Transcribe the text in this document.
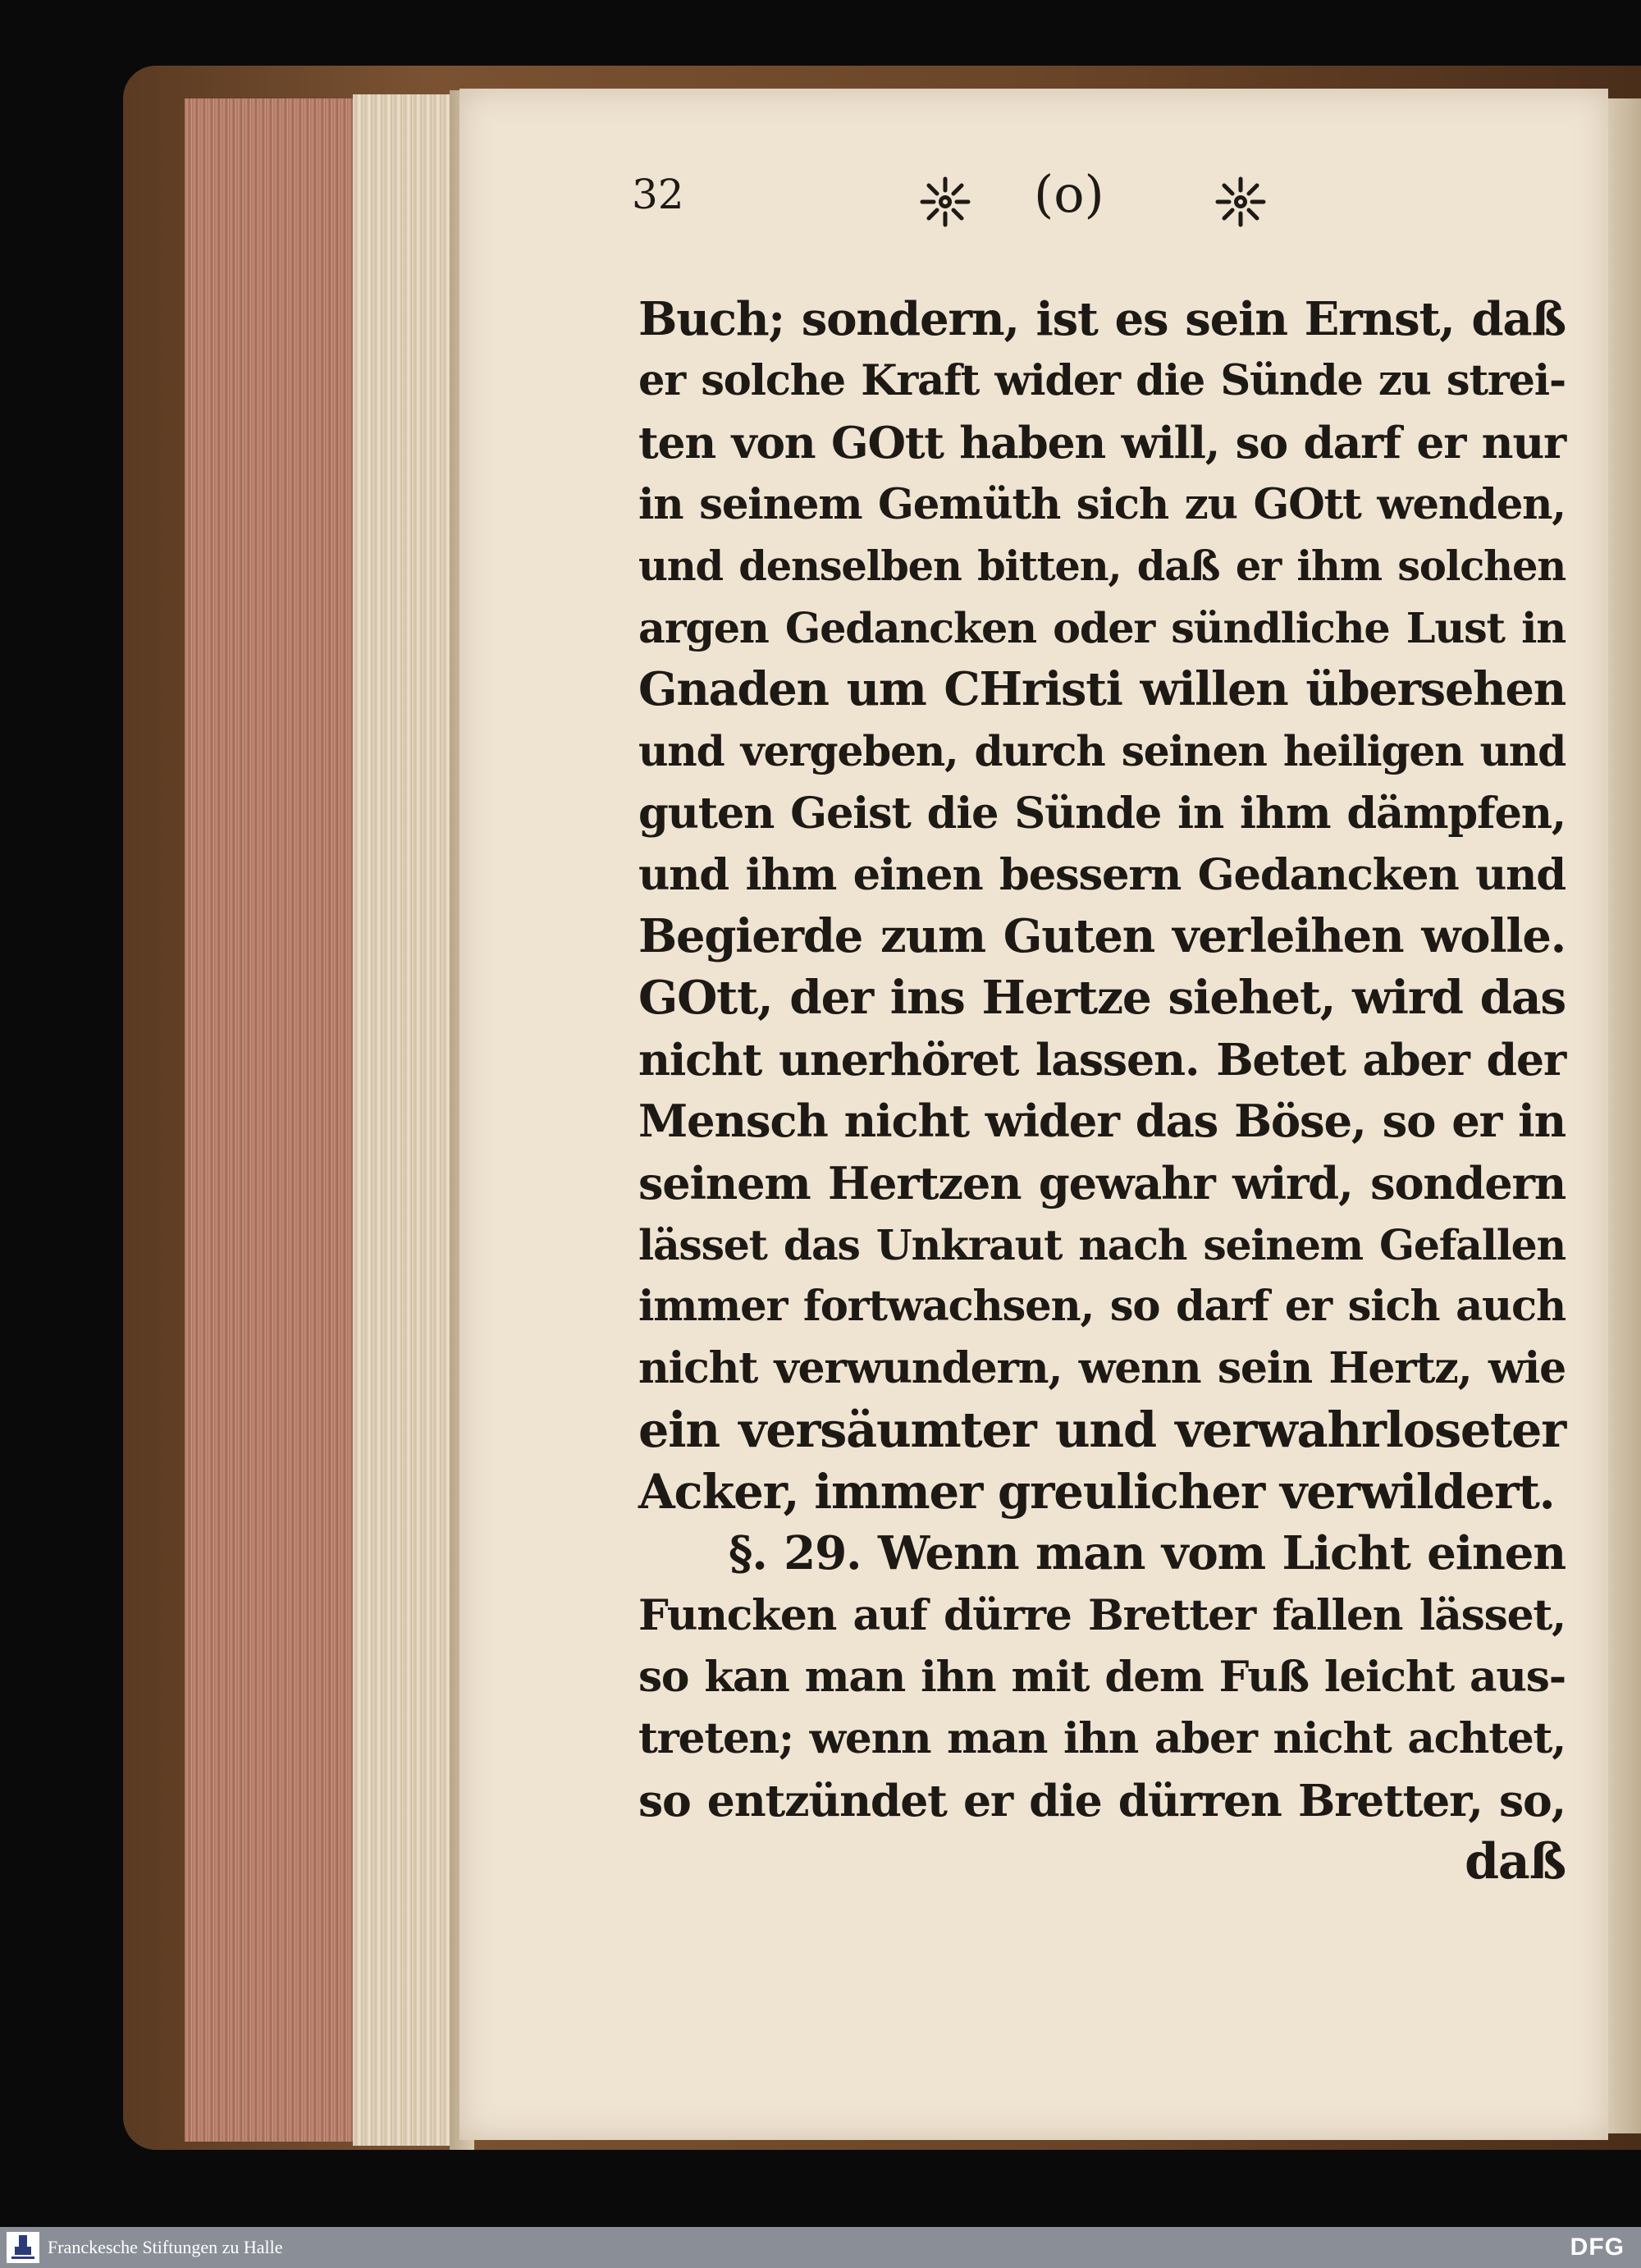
32	(o)
Buch; sondern, ist es sein Ernst, daß
er solche Kraft wider die Sünde zu strei-
ten von GOtt haben will, so darf er nur
in seinem Gemüth sich zu GOtt wenden,
und denselben bitten, daß er ihm solchen
argen Gedancken oder sündliche Lust in
Gnaden um CHristi willen übersehen
und vergeben, durch seinen heiligen und
guten Geist die Sünde in ihm dämpfen,
und ihm einen bessern Gedancken und
Begierde zum Guten verleihen wolle.
GOtt, der ins Hertze siehet, wird das
nicht unerhöret lassen. Betet aber der
Mensch nicht wider das Böse, so er in
seinem Hertzen gewahr wird, sondern
lässet das Unkraut nach seinem Gefallen
immer fortwachsen, so darf er sich auch
nicht verwundern, wenn sein Hertz, wie
ein versäumter und verwahrloseter
Acker, immer greulicher verwildert.
§. 29. Wenn man vom Licht einen
Funcken auf dürre Bretter fallen lässet,
so kan man ihn mit dem Fuß leicht aus-
treten; wenn man ihn aber nicht achtet,
so entzündet er die dürren Bretter, so,
daß
Franckesche Stiftungen zu Halle	DFG
